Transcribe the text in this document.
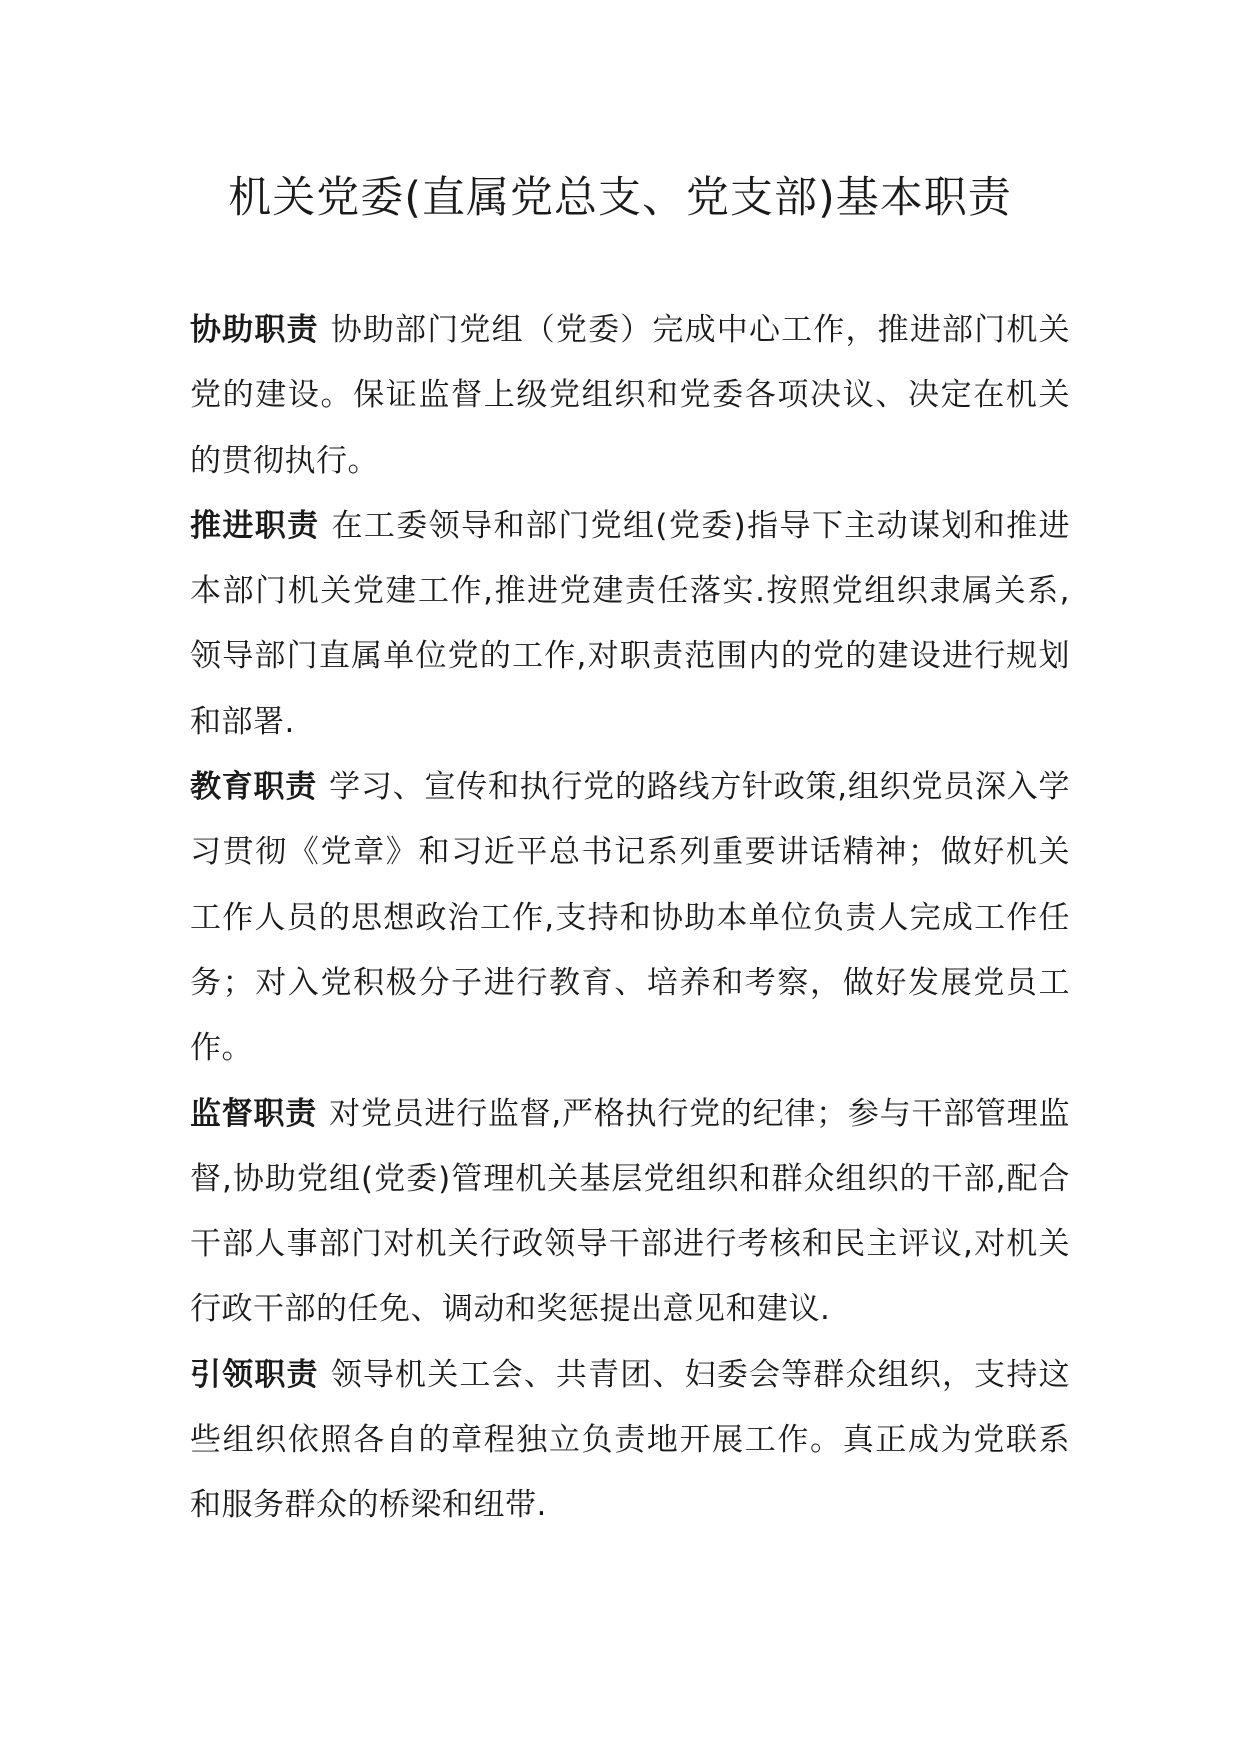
机关党委(直属党总支、党支部)基本职责

协助职责 协助部门党组（党委）完成中心工作，推进部门机关党的建设。保证监督上级党组织和党委各项决议、决定在机关的贯彻执行。

推进职责 在工委领导和部门党组(党委)指导下主动谋划和推进本部门机关党建工作,推进党建责任落实.按照党组织隶属关系,领导部门直属单位党的工作,对职责范围内的党的建设进行规划和部署.

教育职责 学习、宣传和执行党的路线方针政策,组织党员深入学习贯彻《党章》和习近平总书记系列重要讲话精神；做好机关工作人员的思想政治工作,支持和协助本单位负责人完成工作任务；对入党积极分子进行教育、培养和考察，做好发展党员工作。

监督职责 对党员进行监督,严格执行党的纪律；参与干部管理监督,协助党组(党委)管理机关基层党组织和群众组织的干部,配合干部人事部门对机关行政领导干部进行考核和民主评议,对机关行政干部的任免、调动和奖惩提出意见和建议.

引领职责 领导机关工会、共青团、妇委会等群众组织，支持这些组织依照各自的章程独立负责地开展工作。真正成为党联系和服务群众的桥梁和纽带.
